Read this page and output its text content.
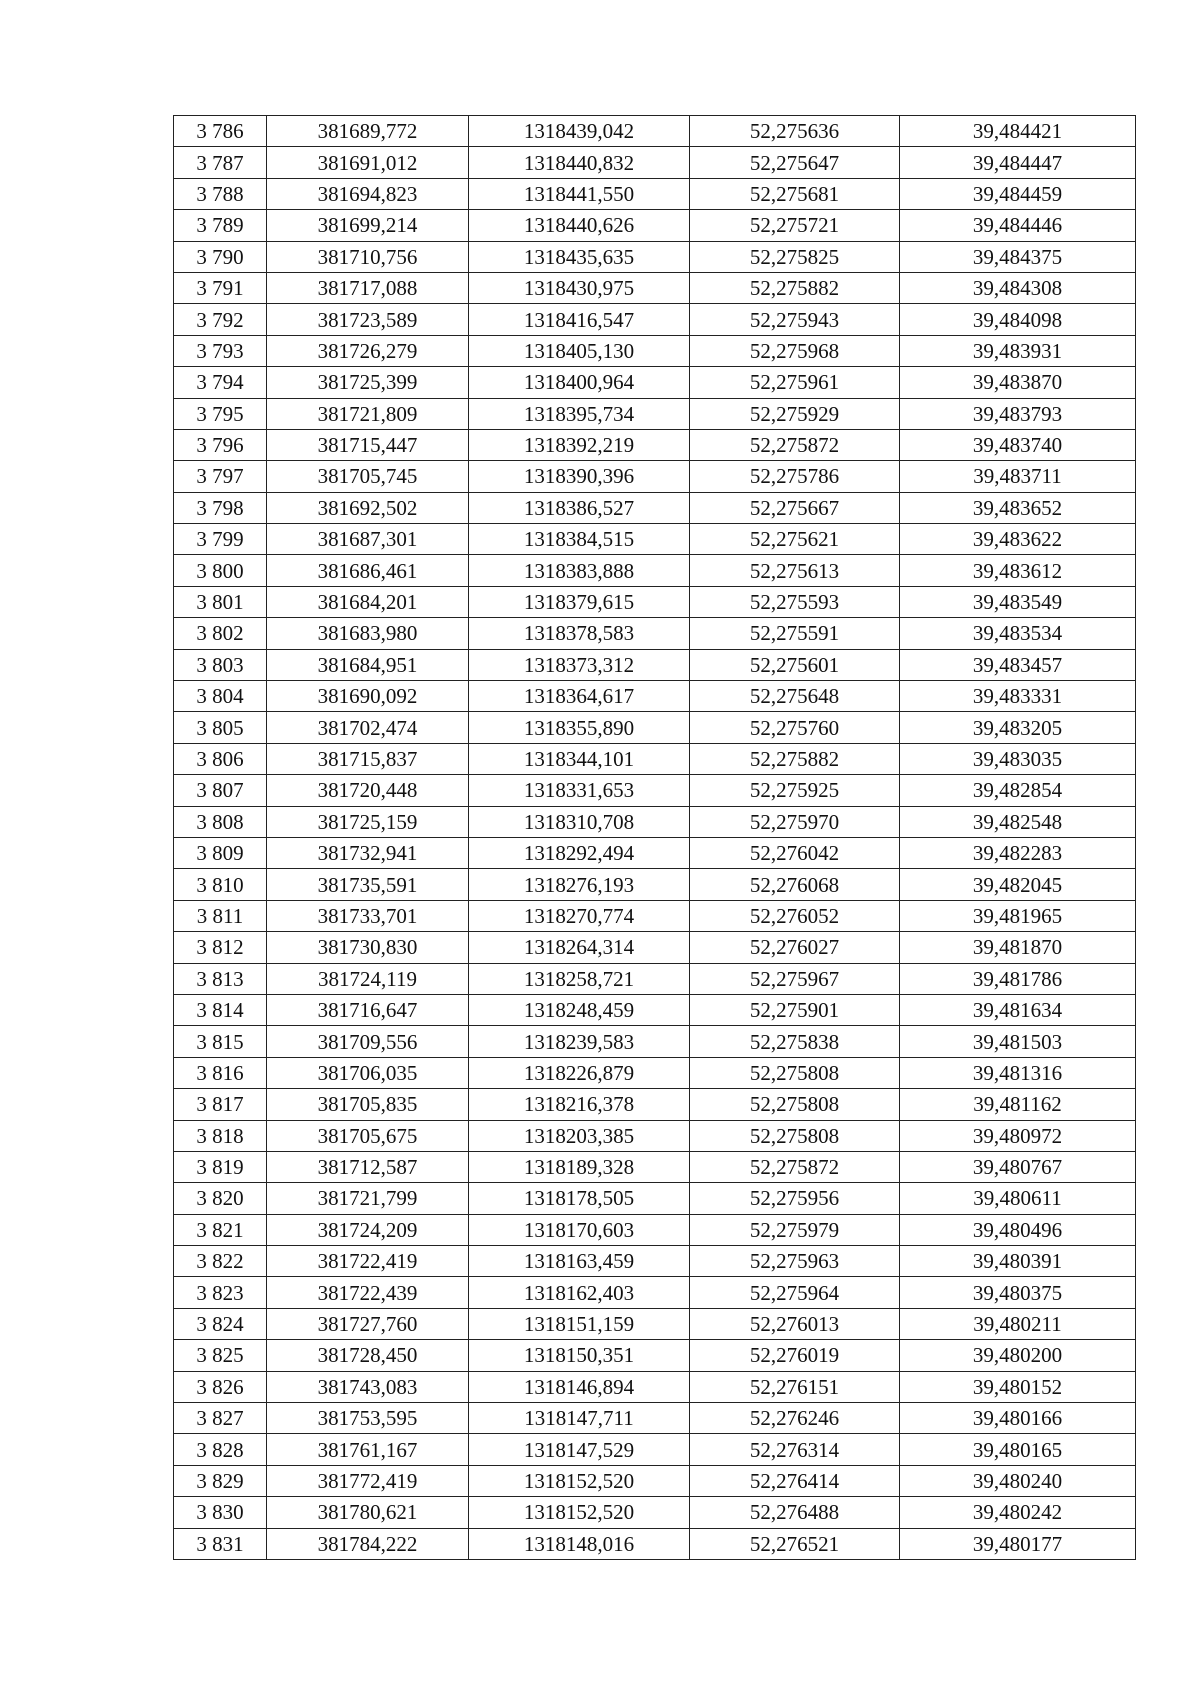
3 786	381689,772	1318439,042	52,275636	39,484421
3 787	381691,012	1318440,832	52,275647	39,484447
3 788	381694,823	1318441,550	52,275681	39,484459
3 789	381699,214	1318440,626	52,275721	39,484446
3 790	381710,756	1318435,635	52,275825	39,484375
3 791	381717,088	1318430,975	52,275882	39,484308
3 792	381723,589	1318416,547	52,275943	39,484098
3 793	381726,279	1318405,130	52,275968	39,483931
3 794	381725,399	1318400,964	52,275961	39,483870
3 795	381721,809	1318395,734	52,275929	39,483793
3 796	381715,447	1318392,219	52,275872	39,483740
3 797	381705,745	1318390,396	52,275786	39,483711
3 798	381692,502	1318386,527	52,275667	39,483652
3 799	381687,301	1318384,515	52,275621	39,483622
3 800	381686,461	1318383,888	52,275613	39,483612
3 801	381684,201	1318379,615	52,275593	39,483549
3 802	381683,980	1318378,583	52,275591	39,483534
3 803	381684,951	1318373,312	52,275601	39,483457
3 804	381690,092	1318364,617	52,275648	39,483331
3 805	381702,474	1318355,890	52,275760	39,483205
3 806	381715,837	1318344,101	52,275882	39,483035
3 807	381720,448	1318331,653	52,275925	39,482854
3 808	381725,159	1318310,708	52,275970	39,482548
3 809	381732,941	1318292,494	52,276042	39,482283
3 810	381735,591	1318276,193	52,276068	39,482045
3 811	381733,701	1318270,774	52,276052	39,481965
3 812	381730,830	1318264,314	52,276027	39,481870
3 813	381724,119	1318258,721	52,275967	39,481786
3 814	381716,647	1318248,459	52,275901	39,481634
3 815	381709,556	1318239,583	52,275838	39,481503
3 816	381706,035	1318226,879	52,275808	39,481316
3 817	381705,835	1318216,378	52,275808	39,481162
3 818	381705,675	1318203,385	52,275808	39,480972
3 819	381712,587	1318189,328	52,275872	39,480767
3 820	381721,799	1318178,505	52,275956	39,480611
3 821	381724,209	1318170,603	52,275979	39,480496
3 822	381722,419	1318163,459	52,275963	39,480391
3 823	381722,439	1318162,403	52,275964	39,480375
3 824	381727,760	1318151,159	52,276013	39,480211
3 825	381728,450	1318150,351	52,276019	39,480200
3 826	381743,083	1318146,894	52,276151	39,480152
3 827	381753,595	1318147,711	52,276246	39,480166
3 828	381761,167	1318147,529	52,276314	39,480165
3 829	381772,419	1318152,520	52,276414	39,480240
3 830	381780,621	1318152,520	52,276488	39,480242
3 831	381784,222	1318148,016	52,276521	39,480177
